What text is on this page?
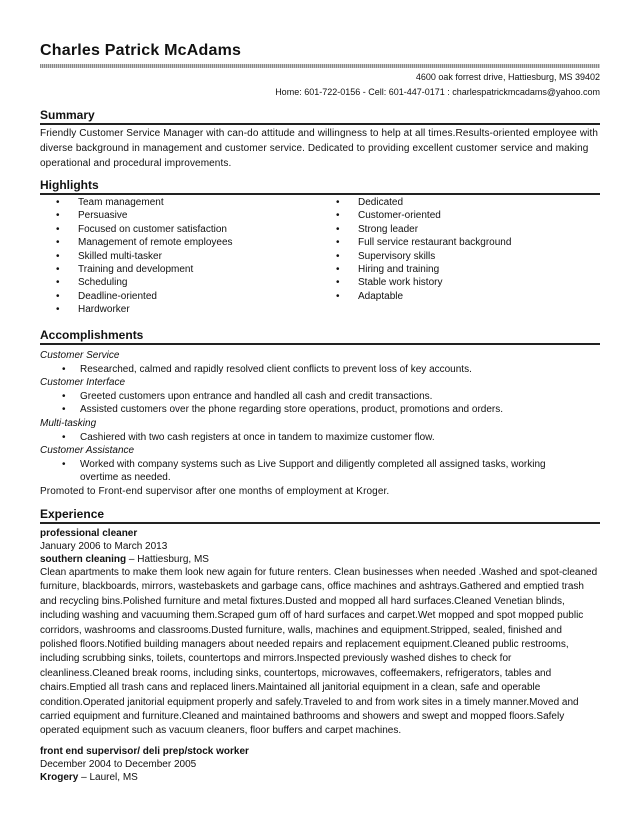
Charles Patrick McAdams
4600 oak forrest drive, Hattiesburg, MS 39402
Home: 601-722-0156 - Cell: 601-447-0171 : charlespatrickmcadams@yahoo.com
Summary
Friendly Customer Service Manager with can-do attitude and willingness to help at all times.Results-oriented employee with diverse background in management and customer service. Dedicated to providing excellent customer service and making operational and procedural improvements.
Highlights
• Team management
• Persuasive
• Focused on customer satisfaction
• Management of remote employees
• Skilled multi-tasker
• Training and development
• Scheduling
• Deadline-oriented
• Hardworker
• Dedicated
• Customer-oriented
• Strong leader
• Full service restaurant background
• Supervisory skills
• Hiring and training
• Stable work history
• Adaptable
Accomplishments
Customer Service
•	Researched, calmed and rapidly resolved client conflicts to prevent loss of key accounts.
Customer Interface
•	Greeted customers upon entrance and handled all cash and credit transactions.
•	Assisted customers over the phone regarding store operations, product, promotions and orders.
Multi-tasking
•	Cashiered with two cash registers at once in tandem to maximize customer flow.
Customer Assistance
•	Worked with company systems such as Live Support and diligently completed all assigned tasks, working overtime as needed.
Promoted to Front-end supervisor after one months of employment at Kroger.
Experience
professional cleaner
January 2006 to March 2013
southern cleaning – Hattiesburg, MS
Clean apartments to make them look new again for future renters. Clean businesses when needed .Washed and spot-cleaned furniture, blackboards, mirrors, wastebaskets and garbage cans, office machines and ashtrays.Gathered and emptied trash and recycling bins.Polished furniture and metal fixtures.Dusted and mopped all hard surfaces.Cleaned Venetian blinds, including washing and vacuuming them.Scraped gum off of hard surfaces and carpet.Wet mopped and spot mopped public corridors, washrooms and classrooms.Dusted furniture, walls, machines and equipment.Stripped, sealed, finished and polished floors.Notified building managers about needed repairs and replacement equipment.Cleaned public restrooms, including scrubbing sinks, toilets, countertops and mirrors.Inspected previously washed dishes to check for cleanliness.Cleaned break rooms, including sinks, countertops, microwaves, coffeemakers, refrigerators, tables and chairs.Emptied all trash cans and replaced liners.Maintained all janitorial equipment in a clean, safe and operable condition.Operated janitorial equipment properly and safely.Traveled to and from work sites in a timely manner.Moved and carried equipment and furniture.Cleaned and maintained bathrooms and showers and swept and mopped floors.Safely operated equipment such as vacuum cleaners, floor buffers and carpet machines.
front end supervisor/ deli prep/stock worker
December 2004 to December 2005
Krogery – Laurel, MS
